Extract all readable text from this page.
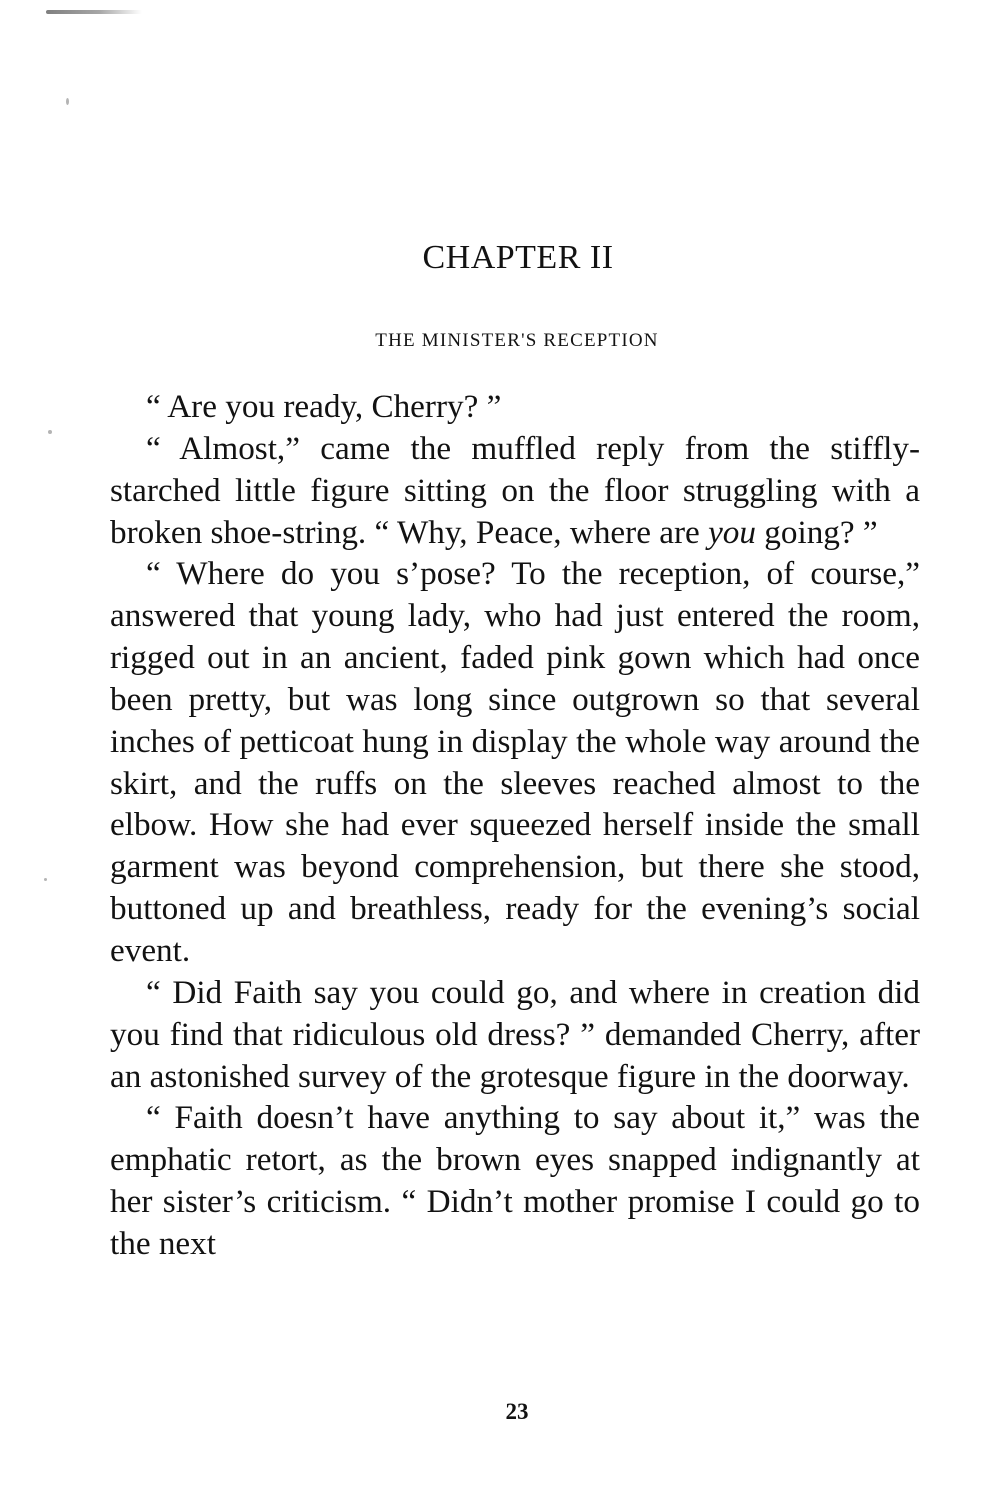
CHAPTER II
THE MINISTER'S RECEPTION

“ Are you ready, Cherry? ”

“ Almost,” came the muffled reply from the stiffly-starched little figure sitting on the floor struggling with a broken shoe-string. “ Why, Peace, where are you going? ”

“ Where do you s’pose? To the reception, of course,” answered that young lady, who had just entered the room, rigged out in an ancient, faded pink gown which had once been pretty, but was long since outgrown so that several inches of petticoat hung in display the whole way around the skirt, and the ruffs on the sleeves reached almost to the elbow. How she had ever squeezed herself inside the small garment was beyond comprehension, but there she stood, buttoned up and breathless, ready for the evening’s social event.

“ Did Faith say you could go, and where in creation did you find that ridiculous old dress? ” demanded Cherry, after an astonished survey of the grotesque figure in the doorway.

“ Faith doesn’t have anything to say about it,” was the emphatic retort, as the brown eyes snapped indignantly at her sister’s criticism. “ Didn’t mother promise I could go to the next

23
